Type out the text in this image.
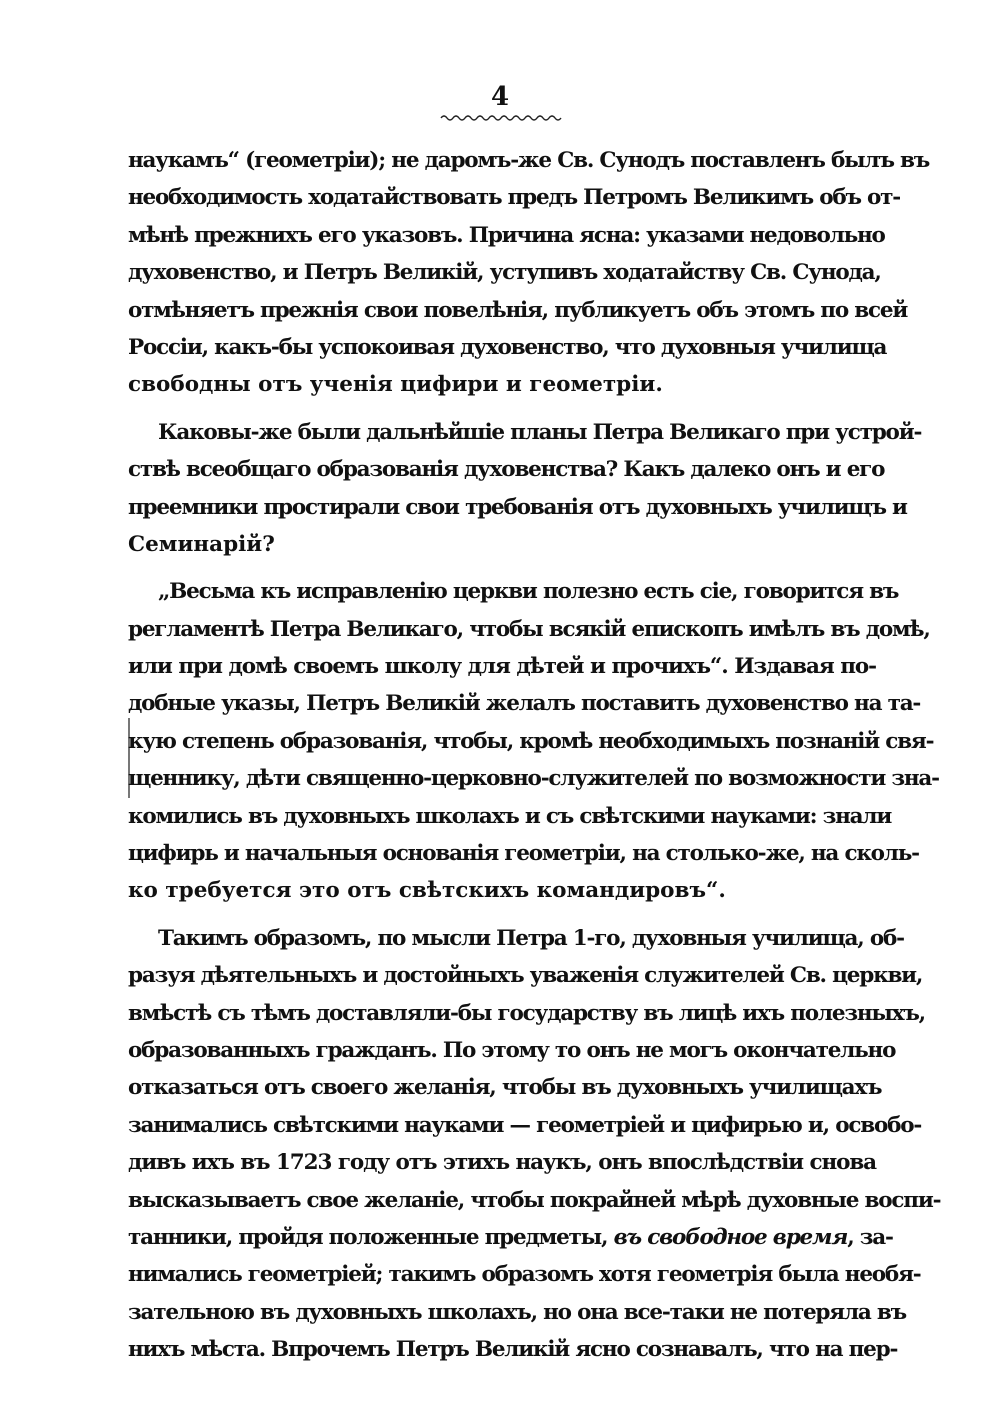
4
наукамъ“ (геометріи); не даромъ-же Св. Сунодъ поставленъ былъ въ
необходимость ходатайствовать предъ Петромъ Великимъ объ от-
мѣнѣ прежнихъ его указовъ. Причина ясна: указами недовольно
духовенство, и Петръ Великій, уступивъ ходатайству Св. Сунода,
отмѣняетъ прежнія свои повелѣнія, публикуетъ объ этомъ по всей
Россіи, какъ-бы успокоивая духовенство, что духовныя училища
свободны отъ ученія цифири и геометріи.
Каковы-же были дальнѣйшіе планы Петра Великаго при устрой-
ствѣ всеобщаго образованія духовенства? Какъ далеко онъ и его
преемники простирали свои требованія отъ духовныхъ училищъ и
Семинарій?
„Весьма къ исправленію церкви полезно есть сіе, говорится въ
регламентѣ Петра Великаго, чтобы всякій епископъ имѣлъ въ домѣ,
или при домѣ своемъ школу для дѣтей и прочихъ“. Издавая по-
добные указы, Петръ Великій желалъ поставить духовенство на та-
кую степень образованія, чтобы, кромѣ необходимыхъ познаній свя-
щеннику, дѣти священно-церковно-служителей по возможности зна-
комились въ духовныхъ школахъ и съ свѣтскими науками: знали
цифирь и начальныя основанія геометріи, на столько-же, на сколь-
ко требуется это отъ свѣтскихъ командировъ“.
Такимъ образомъ, по мысли Петра 1-го, духовныя училища, об-
разуя дѣятельныхъ и достойныхъ уваженія служителей Св. церкви,
вмѣстѣ съ тѣмъ доставляли-бы государству въ лицѣ ихъ полезныхъ,
образованныхъ гражданъ. По этому то онъ не могъ окончательно
отказаться отъ своего желанія, чтобы въ духовныхъ училищахъ
занимались свѣтскими науками — геометріей и цифирью и, освобо-
дивъ ихъ въ 1723 году отъ этихъ наукъ, онъ впослѣдствіи снова
высказываетъ свое желаніе, чтобы покрайней мѣрѣ духовные воспи-
танники, пройдя положенные предметы, въ свободное время, за-
нимались геометріей; такимъ образомъ хотя геометрія была необя-
зательною въ духовныхъ школахъ, но она все-таки не потеряла въ
нихъ мѣста. Впрочемъ Петръ Великій ясно сознавалъ, что на пер-
